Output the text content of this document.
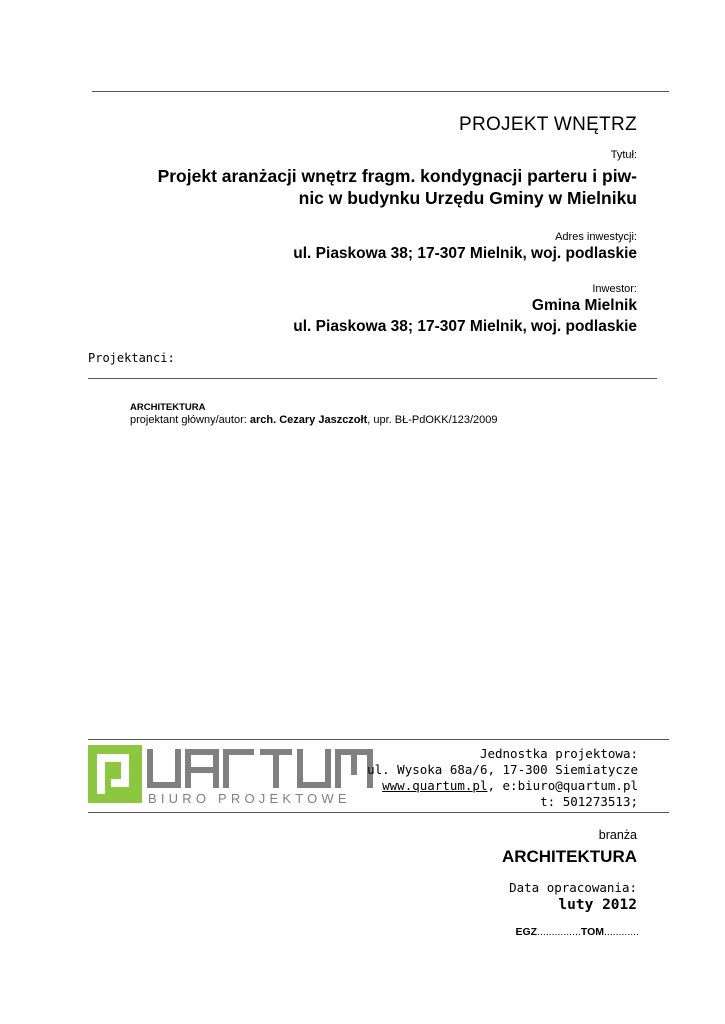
PROJEKT WNĘTRZ
Tytuł:
Projekt aranżacji wnętrz fragm. kondygnacji parteru i piw-
nic w budynku Urzędu Gminy w Mielniku
Adres inwestycji:
ul. Piaskowa 38; 17-307 Mielnik, woj. podlaskie
Inwestor:
Gmina Mielnik
ul. Piaskowa 38; 17-307 Mielnik, woj. podlaskie
Projektanci:
ARCHITEKTURA
projektant główny/autor: arch. Cezary Jaszczołt, upr. BŁ-PdOKK/123/2009
BIURO PROJEKTOWE
Jednostka projektowa:
ul. Wysoka 68a/6, 17-300 Siemiatycze
www.quartum.pl, e:biuro@quartum.pl
t: 501273513;
branża
ARCHITEKTURA
Data opracowania:
luty 2012
EGZ...............TOM............
